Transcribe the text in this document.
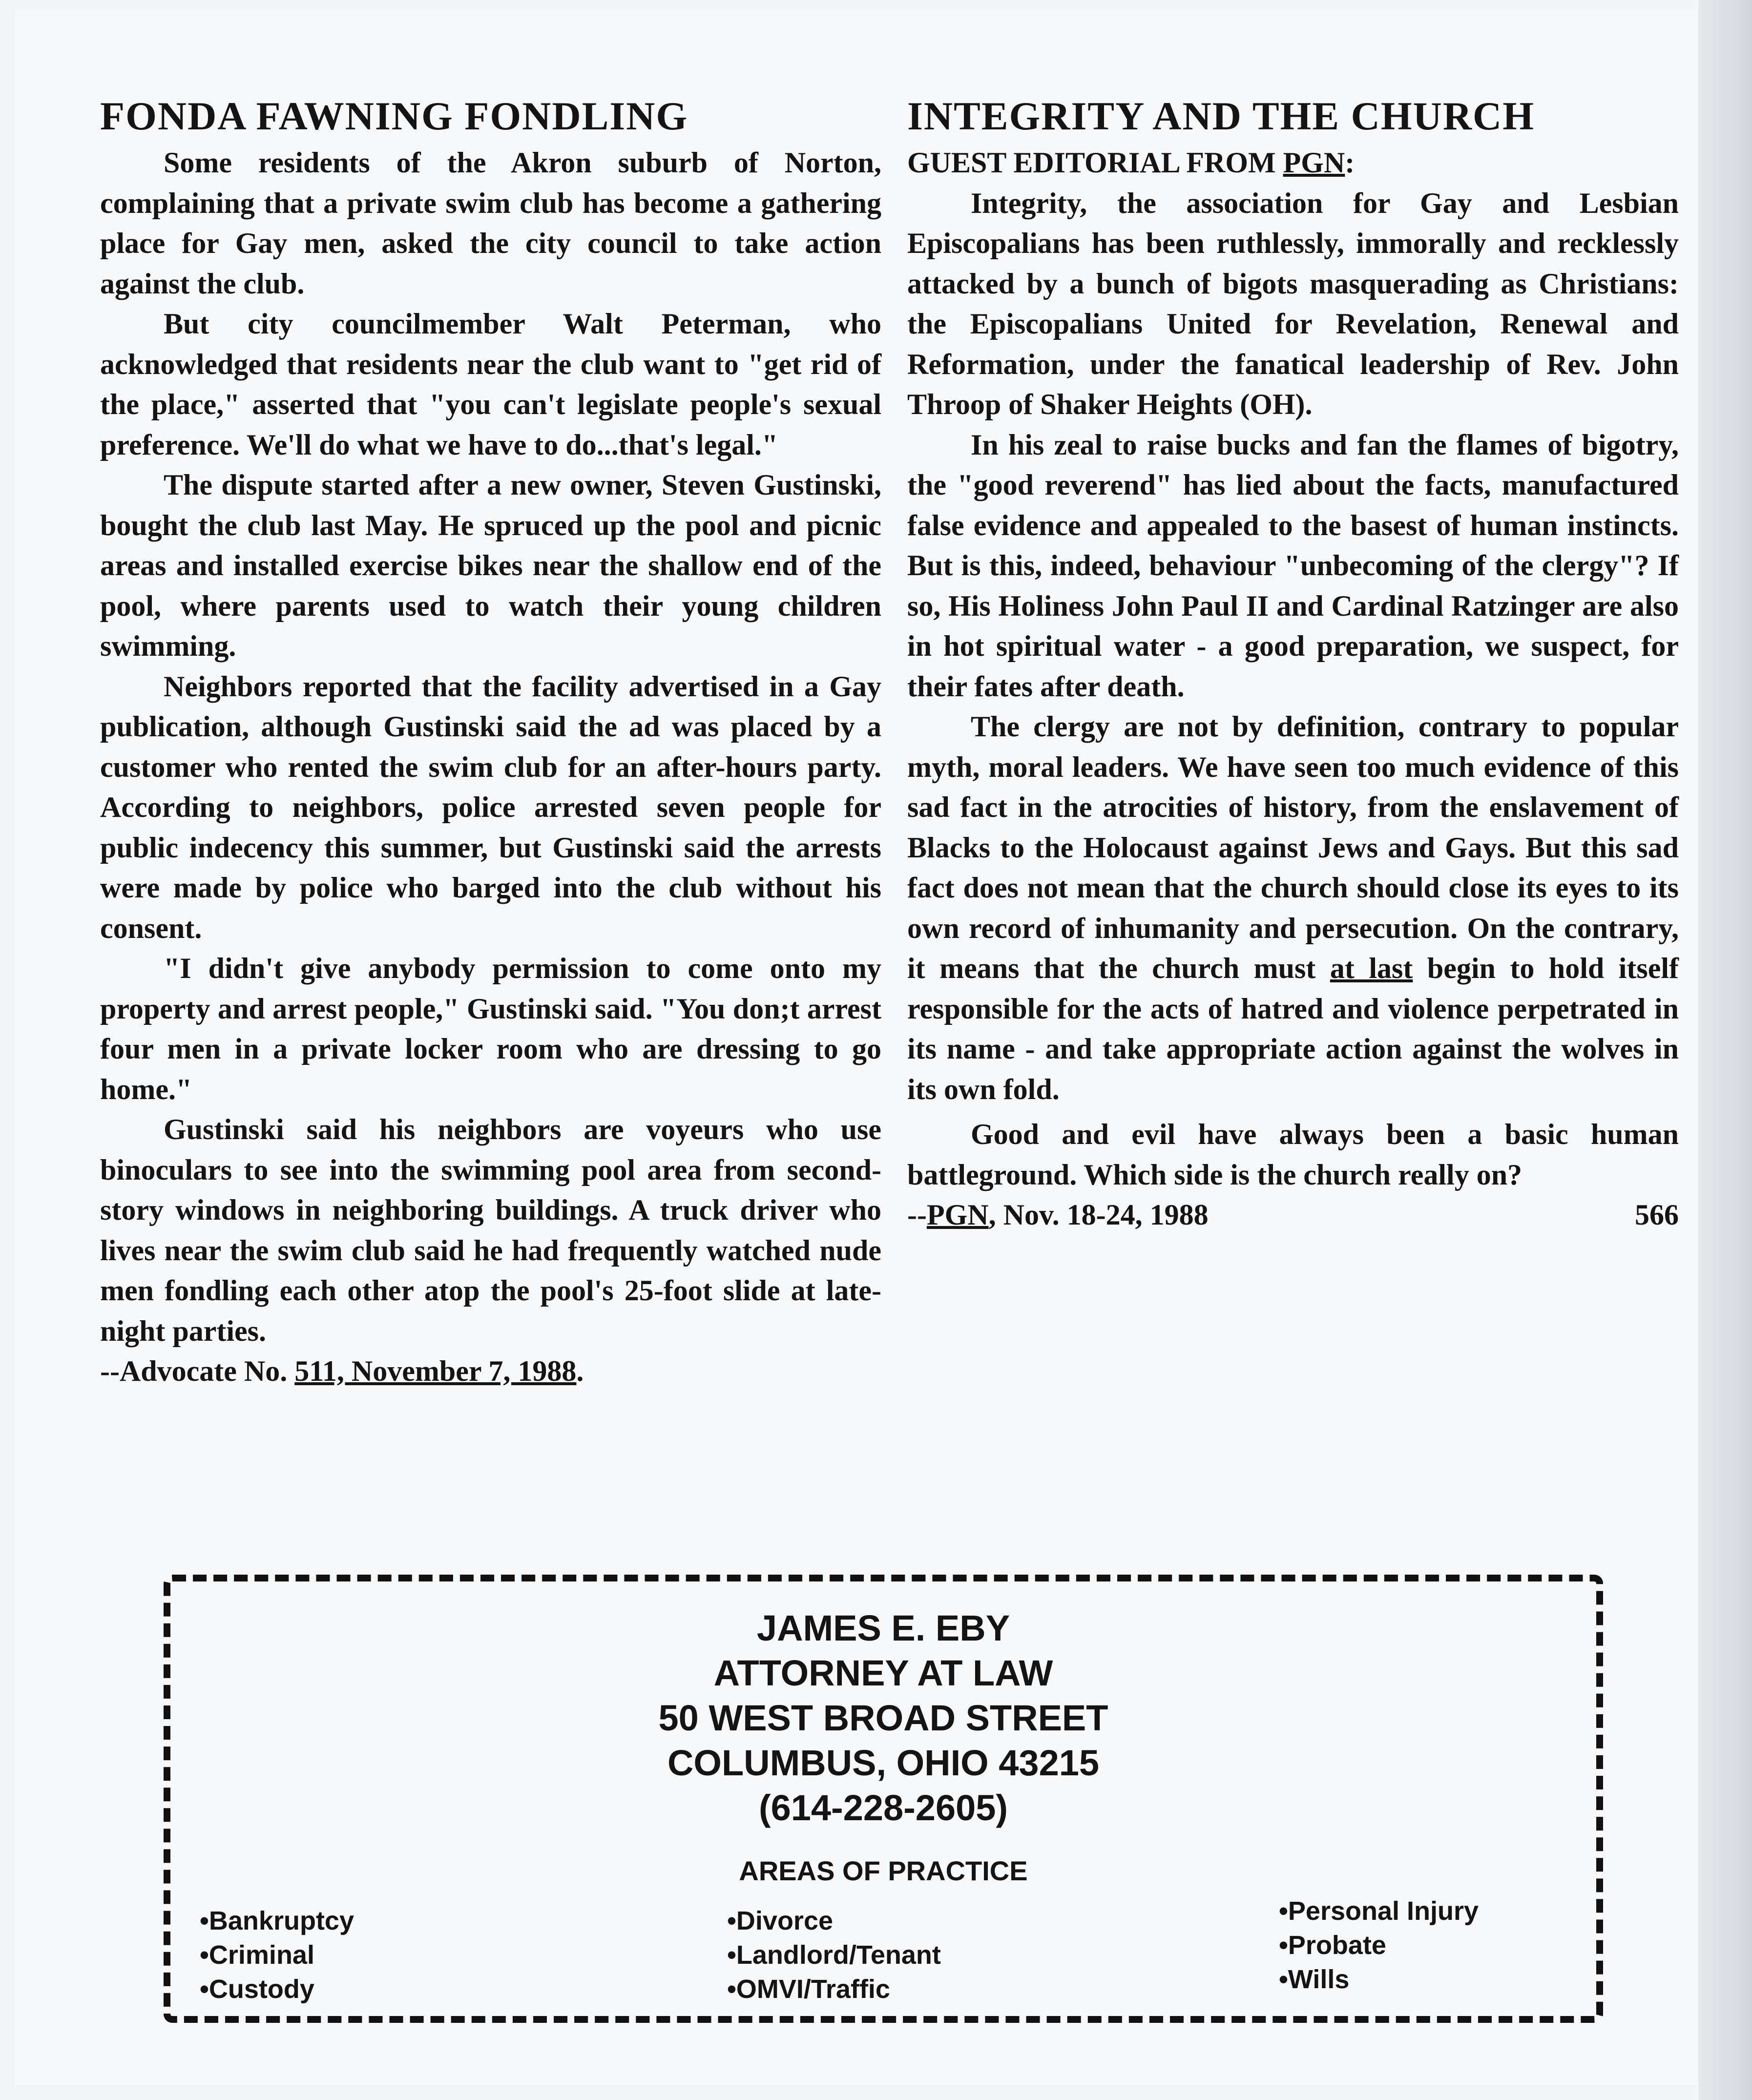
FONDA FAWNING FONDLING

Some residents of the Akron suburb of Norton, complaining that a private swim club has become a gathering place for Gay men, asked the city council to take action against the club.

But city councilmember Walt Peterman, who acknowledged that residents near the club want to "get rid of the place," asserted that "you can't legislate people's sexual preference. We'll do what we have to do...that's legal."

The dispute started after a new owner, Steven Gustinski, bought the club last May. He spruced up the pool and picnic areas and installed exercise bikes near the shallow end of the pool, where parents used to watch their young children swimming.

Neighbors reported that the facility advertised in a Gay publication, although Gustinski said the ad was placed by a customer who rented the swim club for an after-hours party. According to neighbors, police arrested seven people for public indecency this summer, but Gustinski said the arrests were made by police who barged into the club without his consent.

"I didn't give anybody permission to come onto my property and arrest people," Gustinski said. "You don;t arrest four men in a private locker room who are dressing to go home."

Gustinski said his neighbors are voyeurs who use binoculars to see into the swimming pool area from second-story windows in neighboring buildings. A truck driver who lives near the swim club said he had frequently watched nude men fondling each other atop the pool's 25-foot slide at late-night parties.

--Advocate No. 511, November 7, 1988.

INTEGRITY AND THE CHURCH

GUEST EDITORIAL FROM PGN:

Integrity, the association for Gay and Lesbian Episcopalians has been ruthlessly, immorally and recklessly attacked by a bunch of bigots masquerading as Christians: the Episcopalians United for Revelation, Renewal and Reformation, under the fanatical leadership of Rev. John Throop of Shaker Heights (OH).

In his zeal to raise bucks and fan the flames of bigotry, the "good reverend" has lied about the facts, manufactured false evidence and appealed to the basest of human instincts. But is this, indeed, behaviour "unbecoming of the clergy"? If so, His Holiness John Paul II and Cardinal Ratzinger are also in hot spiritual water - a good preparation, we suspect, for their fates after death.

The clergy are not by definition, contrary to popular myth, moral leaders. We have seen too much evidence of this sad fact in the atrocities of history, from the enslavement of Blacks to the Holocaust against Jews and Gays. But this sad fact does not mean that the church should close its eyes to its own record of inhumanity and persecution. On the contrary, it means that the church must at last begin to hold itself responsible for the acts of hatred and violence perpetrated in its name - and take appropriate action against the wolves in its own fold.

Good and evil have always been a basic human battleground. Which side is the church really on?

--PGN, Nov. 18-24, 1988	566

JAMES E. EBY
ATTORNEY AT LAW
50 WEST BROAD STREET
COLUMBUS, OHIO 43215
(614-228-2605)
AREAS OF PRACTICE
• Bankruptcy
• Criminal
• Custody
• Divorce
• Landlord/Tenant
• OMVI/Traffic
• Personal Injury
• Probate
• Wills
